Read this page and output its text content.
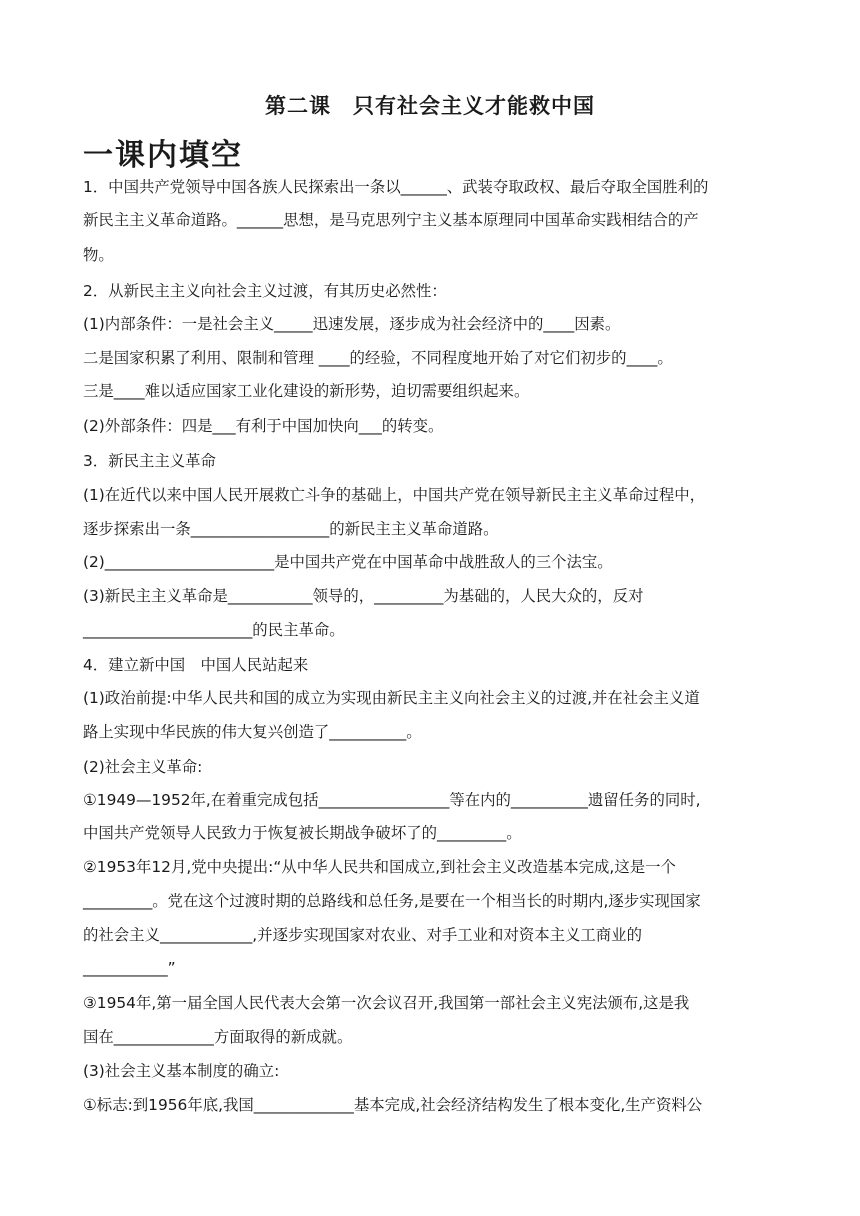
第二课　只有社会主义才能救中国
一课内填空
1．中国共产党领导中国各族人民探索出一条以______、武装夺取政权、最后夺取全国胜利的
新民主主义革命道路。______思想，是马克思列宁主义基本原理同中国革命实践相结合的产
物。
2．从新民主主义向社会主义过渡，有其历史必然性：
(1)内部条件：一是社会主义_____迅速发展，逐步成为社会经济中的____因素。
二是国家积累了利用、限制和管理 ____的经验，不同程度地开始了对它们初步的____。
三是____难以适应国家工业化建设的新形势，迫切需要组织起来。
(2)外部条件：四是___有利于中国加快向___的转变。
3．新民主主义革命
(1)在近代以来中国人民开展救亡斗争的基础上，中国共产党在领导新民主主义革命过程中，
逐步探索出一条__________________的新民主主义革命道路。
(2)______________________是中国共产党在中国革命中战胜敌人的三个法宝。
(3)新民主主义革命是___________领导的，_________为基础的，人民大众的，反对
______________________的民主革命。
4．建立新中国　中国人民站起来
(1)政治前提:中华人民共和国的成立为实现由新民主主义向社会主义的过渡,并在社会主义道
路上实现中华民族的伟大复兴创造了__________。
(2)社会主义革命:
①1949—1952年,在着重完成包括_________________等在内的__________遗留任务的同时,
中国共产党领导人民致力于恢复被长期战争破坏了的_________。
②1953年12月,党中央提出:“从中华人民共和国成立,到社会主义改造基本完成,这是一个
_________。党在这个过渡时期的总路线和总任务,是要在一个相当长的时期内,逐步实现国家
的社会主义____________,并逐步实现国家对农业、对手工业和对资本主义工商业的
___________”
③1954年,第一届全国人民代表大会第一次会议召开,我国第一部社会主义宪法颁布,这是我
国在_____________方面取得的新成就。
(3)社会主义基本制度的确立:
①标志:到1956年底,我国_____________基本完成,社会经济结构发生了根本变化,生产资料公
